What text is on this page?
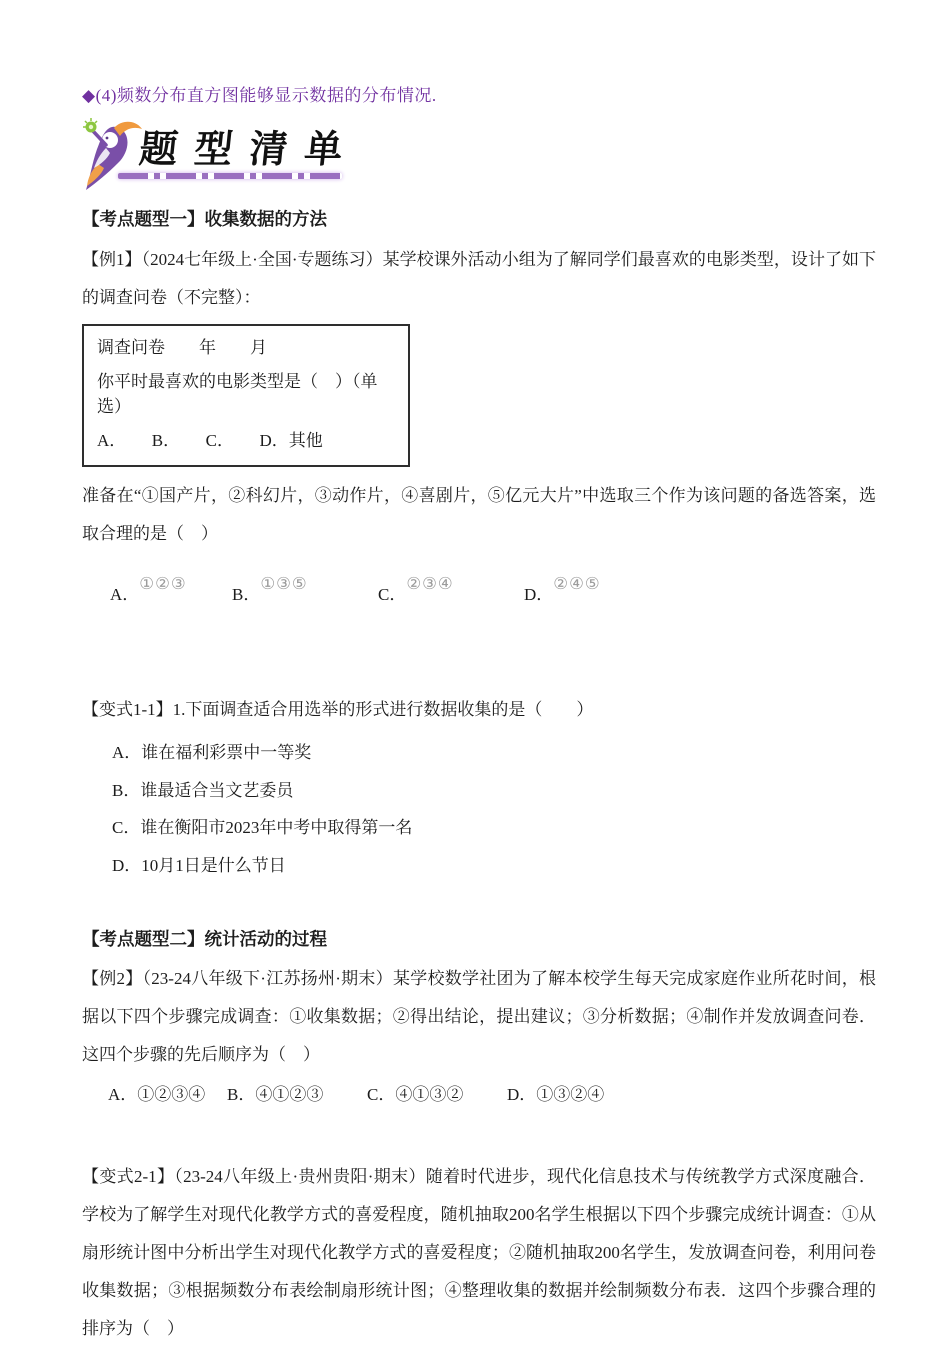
◆(4)频数分布直方图能够显示数据的分布情况.

题型清单
【考点题型一】收集数据的方法

【例1】（2024七年级上·全国·专题练习）某学校课外活动小组为了解同学们最喜欢的电影类型，设计了如下的调查问卷（不完整）：

调查问卷　　年　　月

你平时最喜欢的电影类型是（　）（单选）

A．　　B．　　C．　　D．其他

准备在“①国产片，②科幻片，③动作片，④喜剧片，⑤亿元大片”中选取三个作为该问题的备选答案，选取合理的是（　）

A．①②③
B．①③⑤
C．②③④
D．②④⑤

【变式1-1】1.下面调查适合用选举的形式进行数据收集的是（　　）

A．谁在福利彩票中一等奖

B．谁最适合当文艺委员

C．谁在衡阳市2023年中考中取得第一名

D．10月1日是什么节日

【考点题型二】统计活动的过程

【例2】（23-24八年级下·江苏扬州·期末）某学校数学社团为了解本校学生每天完成家庭作业所花时间，根据以下四个步骤完成调查：①收集数据；②得出结论，提出建议；③分析数据；④制作并发放调查问卷．这四个步骤的先后顺序为（　）

A．①②③④	B．④①②③	C．④①③②	D．①③②④

【变式2-1】（23-24八年级上·贵州贵阳·期末）随着时代进步，现代化信息技术与传统教学方式深度融合．学校为了解学生对现代化教学方式的喜爱程度，随机抽取200名学生根据以下四个步骤完成统计调查：①从扇形统计图中分析出学生对现代化教学方式的喜爱程度；②随机抽取200名学生，发放调查问卷，利用问卷收集数据；③根据频数分布表绘制扇形统计图；④整理收集的数据并绘制频数分布表．这四个步骤合理的排序为（　）
